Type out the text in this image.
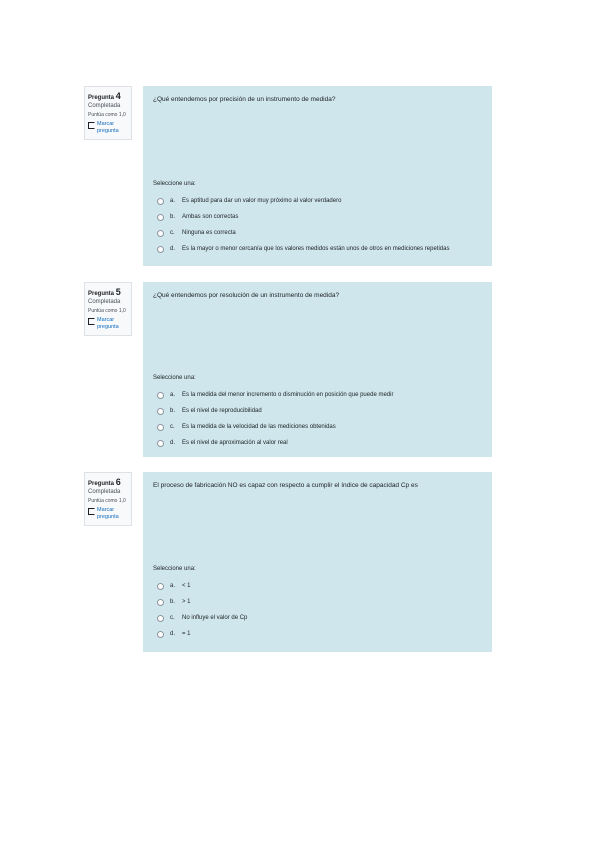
Pregunta 4
Completada
Puntúa como 1,0
Marcar pregunta
¿Qué entendemos por precisión de un instrumento de medida?
Seleccione una:
a.	Es aptitud para dar un valor muy próximo al valor verdadero
b.	Ambas son correctas
c.	Ninguna es correcta
d.	Es la mayor o menor cercanía que los valores medidos están unos de otros en mediciones repetidas
Pregunta 5
Completada
Puntúa como 1,0
Marcar pregunta
¿Qué entendemos por resolución de un instrumento de medida?
Seleccione una:
a.	Es la medida del menor incremento o disminución en posición que puede medir
b.	Es el nivel de reproducibilidad
c.	Es la medida de la velocidad de las mediciones obtenidas
d.	Es el nivel de aproximación al valor real
Pregunta 6
Completada
Puntúa como 1,0
Marcar pregunta
El proceso de fabricación NO es capaz con respecto a cumplir el índice de capacidad Cp es
Seleccione una:
a.	< 1
b.	> 1
c.	No influye el valor de Cp
d.	= 1
